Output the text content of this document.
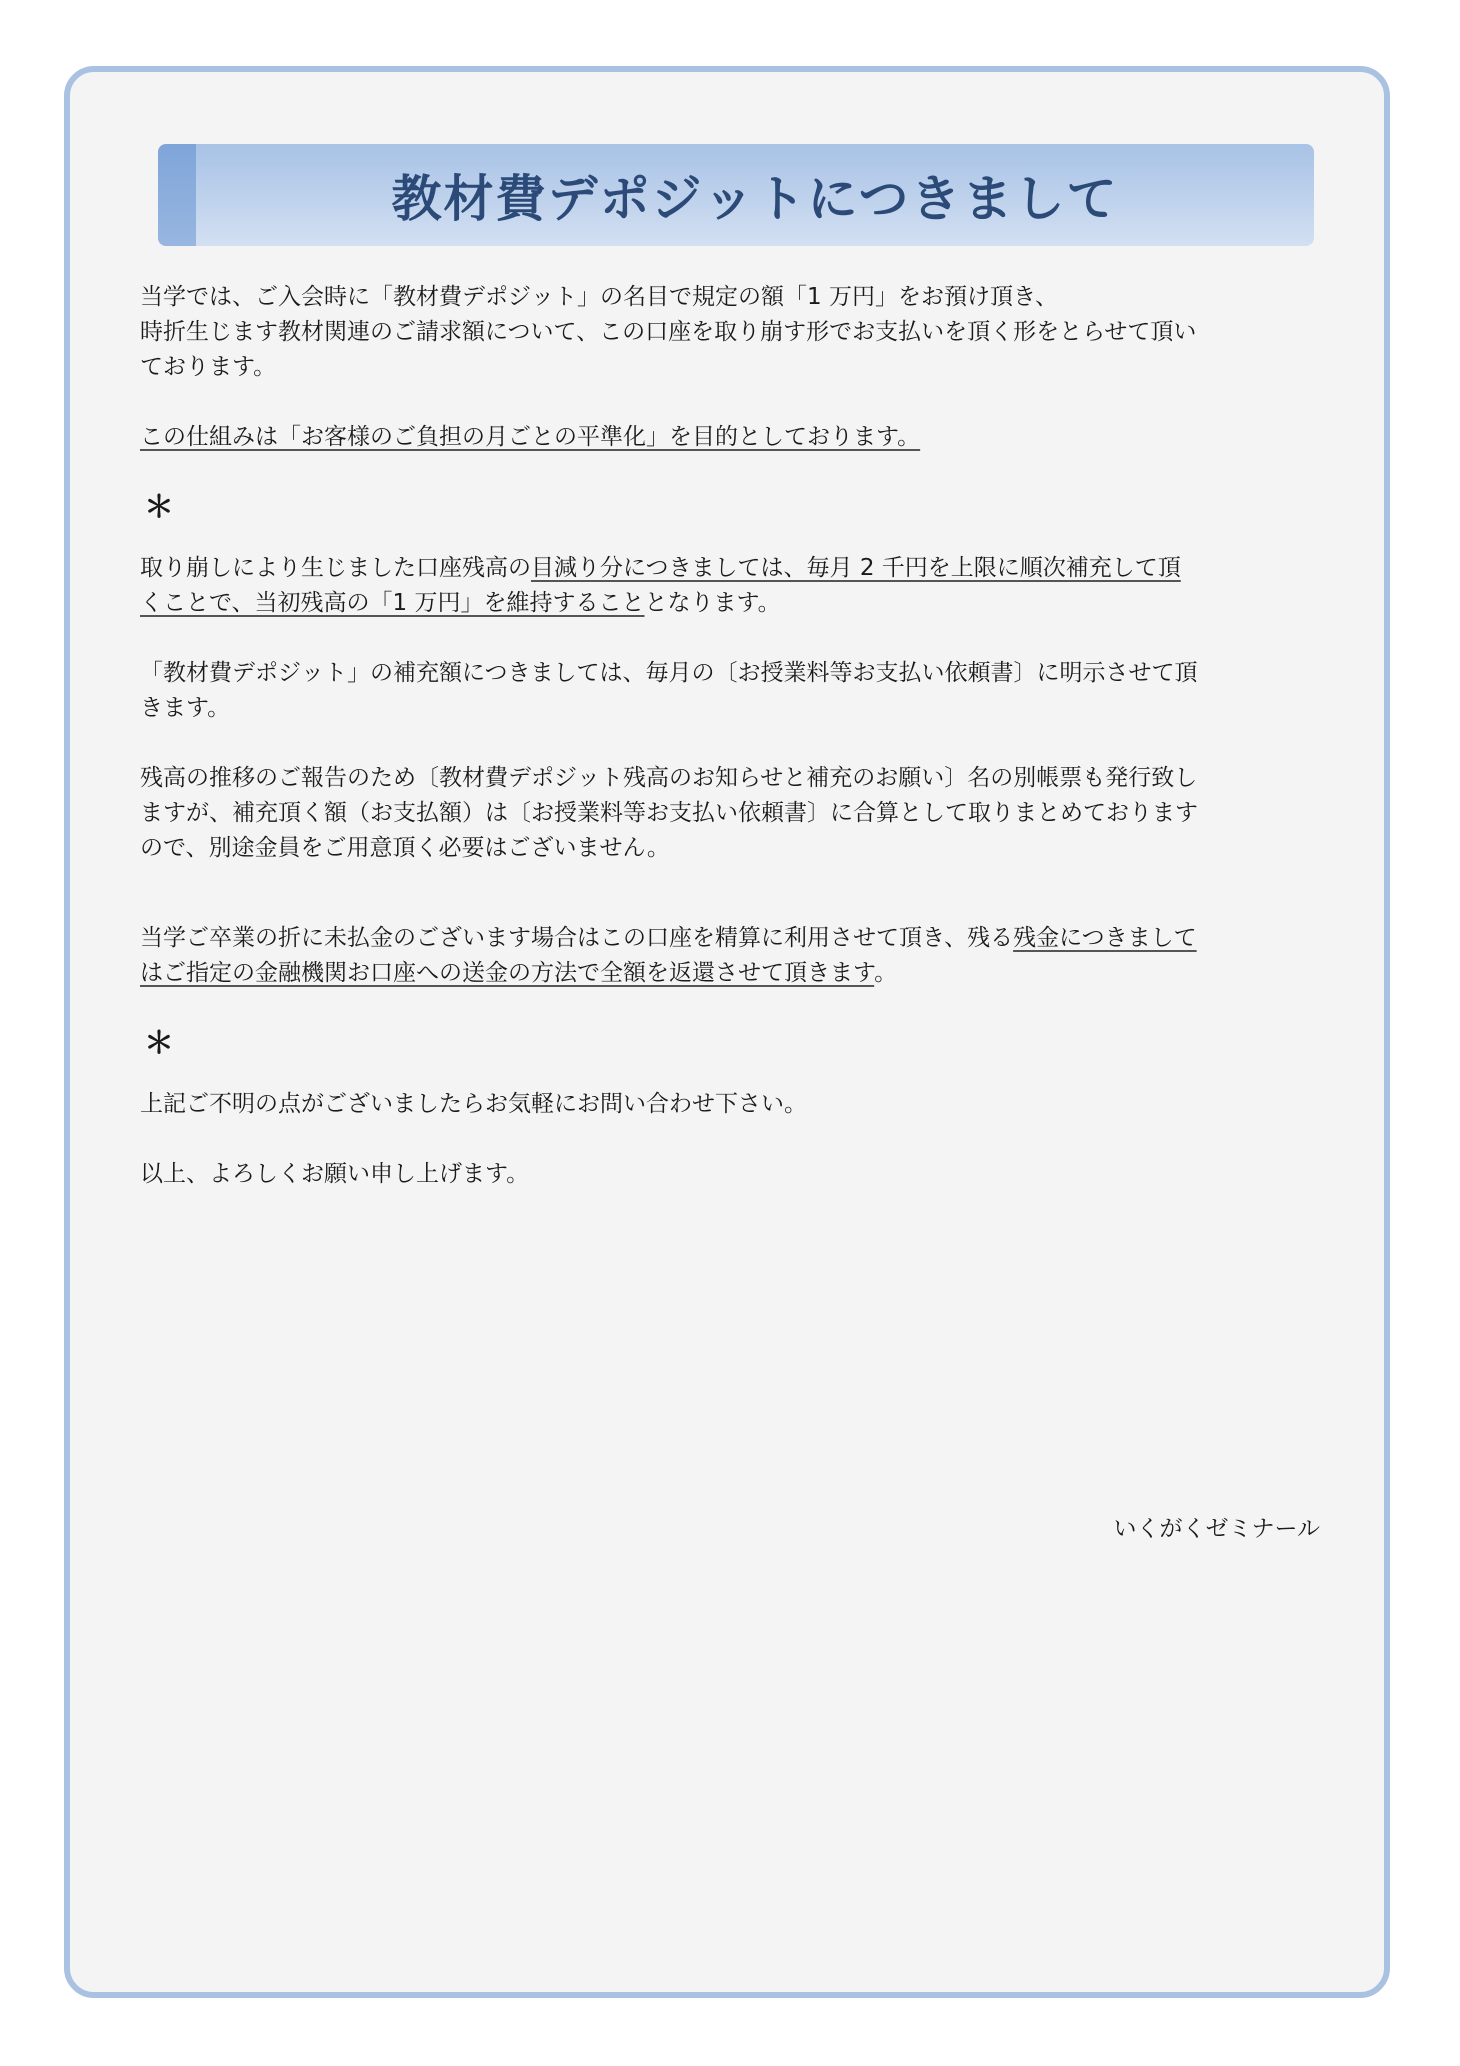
教材費デポジットにつきまして

当学では、ご入会時に「教材費デポジット」の名目で規定の額「1 万円」をお預け頂き、
時折生じます教材関連のご請求額について、この口座を取り崩す形でお支払いを頂く形をとらせて頂いております。

この仕組みは「お客様のご負担の月ごとの平準化」を目的としております。

＊

取り崩しにより生じました口座残高の目減り分につきましては、毎月 2 千円を上限に順次補充して頂くことで、当初残高の「1 万円」を維持することとなります。

「教材費デポジット」の補充額につきましては、毎月の〔お授業料等お支払い依頼書〕に明示させて頂きます。

残高の推移のご報告のため〔教材費デポジット残高のお知らせと補充のお願い〕名の別帳票も発行致しますが、補充頂く額（お支払額）は〔お授業料等お支払い依頼書〕に合算として取りまとめておりますので、別途金員をご用意頂く必要はございません。

当学ご卒業の折に未払金のございます場合はこの口座を精算に利用させて頂き、残る残金につきましてはご指定の金融機関お口座への送金の方法で全額を返還させて頂きます。

＊

上記ご不明の点がございましたらお気軽にお問い合わせ下さい。

以上、よろしくお願い申し上げます。

いくがくゼミナール
